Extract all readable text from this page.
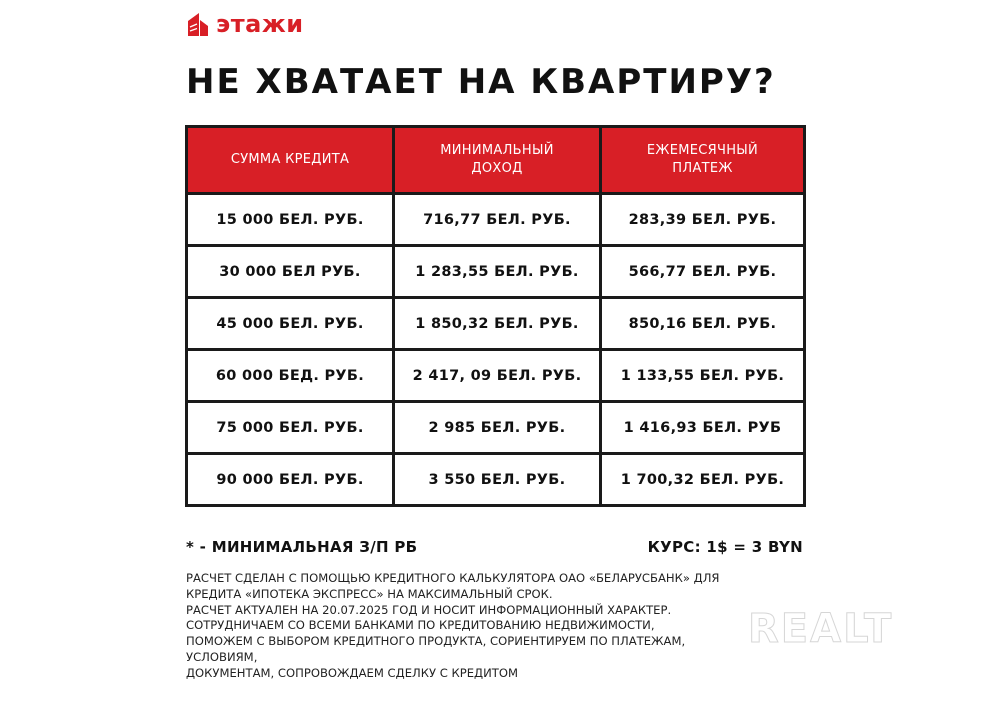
этажи
НЕ ХВАТАЕТ НА КВАРТИРУ?
СУММА КРЕДИТА	МИНИМАЛЬНЫЙ ДОХОД	ЕЖЕМЕСЯЧНЫЙ ПЛАТЕЖ
15 000 БЕЛ. РУБ.	716,77 БЕЛ. РУБ.	283,39 БЕЛ. РУБ.
30 000 БЕЛ РУБ.	1 283,55 БЕЛ. РУБ.	566,77 БЕЛ. РУБ.
45 000 БЕЛ. РУБ.	1 850,32 БЕЛ. РУБ.	850,16 БЕЛ. РУБ.
60 000 БЕД. РУБ.	2 417, 09 БЕЛ. РУБ.	1 133,55 БЕЛ. РУБ.
75 000 БЕЛ. РУБ.	2 985 БЕЛ. РУБ.	1 416,93 БЕЛ. РУБ
90 000 БЕЛ. РУБ.	3 550 БЕЛ. РУБ.	1 700,32 БЕЛ. РУБ.
* - МИНИМАЛЬНАЯ З/П РБ	КУРС: 1$ = 3 BYN

РАСЧЕТ СДЕЛАН С ПОМОЩЬЮ КРЕДИТНОГО КАЛЬКУЛЯТОРА ОАО «БЕЛАРУСБАНК» ДЛЯ

КРЕДИТА «ИПОТЕКА ЭКСПРЕСС» НА МАКСИМАЛЬНЫЙ СРОК.

РАСЧЕТ АКТУАЛЕН НА 20.07.2025 ГОД И НОСИТ ИНФОРМАЦИОННЫЙ ХАРАКТЕР.

СОТРУДНИЧАЕМ СО ВСЕМИ БАНКАМИ ПО КРЕДИТОВАНИЮ НЕДВИЖИМОСТИ,

ПОМОЖЕМ С ВЫБОРОМ КРЕДИТНОГО ПРОДУКТА, СОРИЕНТИРУЕМ ПО ПЛАТЕЖАМ,

УСЛОВИЯМ,

ДОКУМЕНТАМ, СОПРОВОЖДАЕМ СДЕЛКУ С КРЕДИТОМ

REALT
